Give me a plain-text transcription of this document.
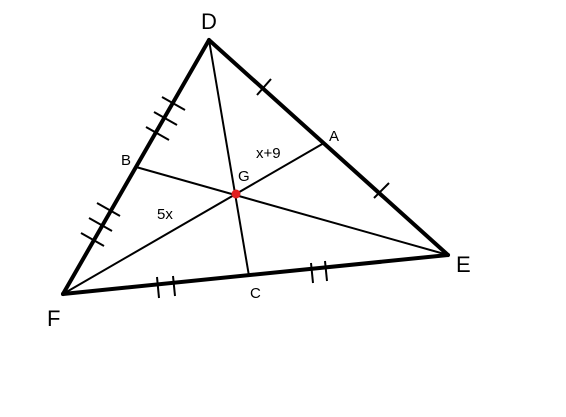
D
E
F
A
B
C
G
x+9
5x
